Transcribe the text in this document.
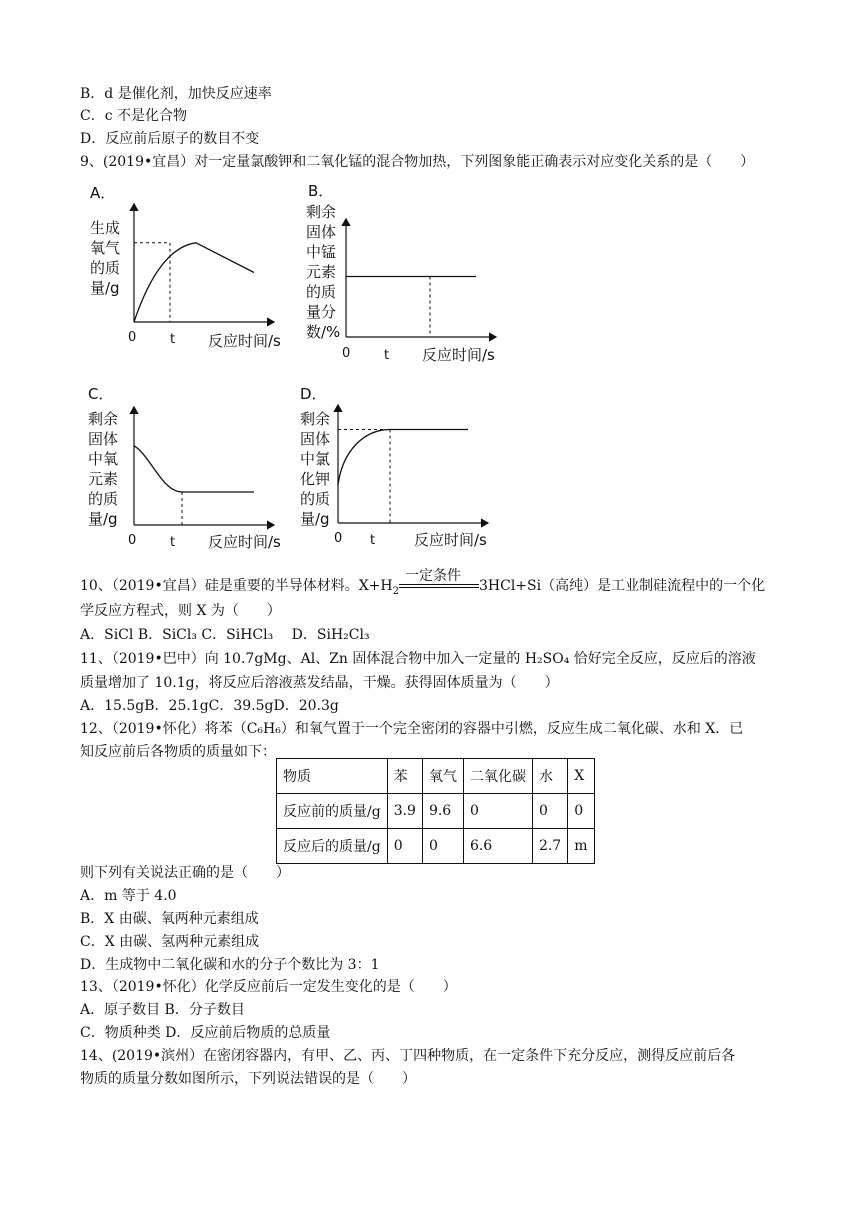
B．d 是催化剂，加快反应速率
C．c 不是化合物
D．反应前后原子的数目不变
9、(2019•宜昌）对一定量氯酸钾和二氧化锰的混合物加热，下列图象能正确表示对应变化关系的是（　　）
A．
生成
氧气
的质
量/g
0	t 反应时间/s
B．
剩余
固体
中锰
元素
的质
量分
数/%
0	t 反应时间/s
C．
剩余
固体
中氧
元素
的质
量/g
0	t 反应时间/s
D．
剩余
固体
中氯
化钾
的质
量/g
0 t	反应时间/s
10、（2019•宜昌）硅是重要的半导体材料。$X+H_2$
一定条件
3HCl+Si（高纯）是工业制硅流程中的一个化
学反应方程式，则 X 为（　　）
A．SiCl B．SiCl₃ C．SiHCl₃　 D．SiH₂Cl₃
11、（2019•巴中）向 10.7gMg、Al、Zn 固体混合物中加入一定量的 H₂SO₄ 恰好完全反应，反应后的溶液
质量增加了 10.1g，将反应后溶液蒸发结晶，干燥。获得固体质量为（　　）
A．15.5gB．25.1gC．39.5gD．20.3g
12、（2019•怀化）将苯（C₆H₆）和氧气置于一个完全密闭的容器中引燃，反应生成二氧化碳、水和 X．已
知反应前后各物质的质量如下：
物质	苯	氧气	二氧化碳	水	X
反应前的质量/g	3.9	9.6	0	0	0
反应后的质量/g	0	0	6.6	2.7	m
则下列有关说法正确的是（　　）
A．m 等于 4.0
B．X 由碳、氧两种元素组成
C．X 由碳、氢两种元素组成
D．生成物中二氧化碳和水的分子个数比为 3：1
13、（2019•怀化）化学反应前后一定发生变化的是（　　）
A．原子数目 B．分子数目
C．物质种类 D．反应前后物质的总质量
14、(2019•滨州）在密闭容器内，有甲、乙、丙、丁四种物质，在一定条件下充分反应，测得反应前后各
物质的质量分数如图所示，下列说法错误的是（　　）
